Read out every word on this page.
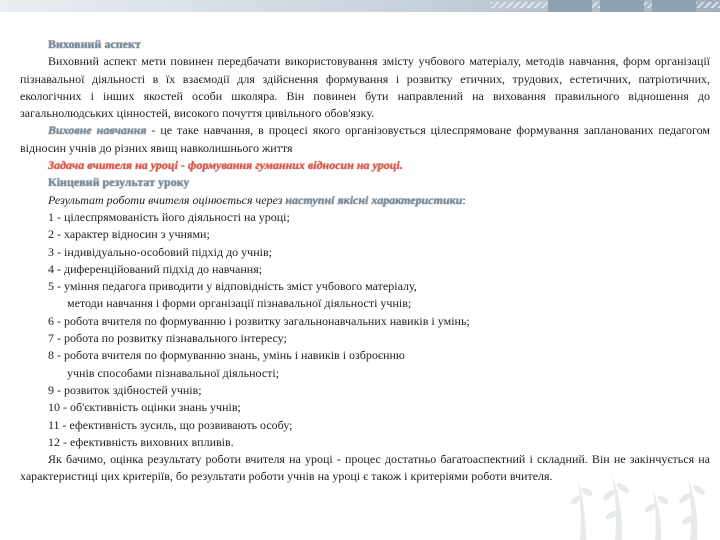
Виховний аспект

Виховний аспект мети повинен передбачати використовування змісту учбового матеріалу, методів навчання, форм організації пізнавальної діяльності в їх взаємодії для здійснення формування і розвитку етичних, трудових, естетичних, патріотичних, екологічних і інших якостей особи школяра. Він повинен бути направлений на виховання правильного відношення до загальнолюдських цінностей, високого почуття цивільного обов'язку.

Виховне навчання - це таке навчання, в процесі якого організовується цілеспрямоване формування запланованих педагогом відносин учнів до різних явищ навколишнього життя

Задача вчителя на уроці - формування гуманних відносин на уроці.

Кінцевий результат уроку

Результат роботи вчителя оцінюється через наступні якісні характеристики:

1 - цілеспрямованість його діяльності на уроці;

2 - характер відносин з учнями;

3 - індивідуально-особовий підхід до учнів;

4 - диференційований підхід до навчання;

5 - уміння педагога приводити у відповідність зміст учбового матеріалу,

методи навчання і форми організації пізнавальної діяльності учнів;

6 - робота вчителя по формуванню і розвитку загальнонавчальних навиків і умінь;

7 - робота по розвитку пізнавального інтересу;

8 - робота вчителя по формуванню знань, умінь і навиків і озброєнню

учнів способами пізнавальної діяльності;

9 - розвиток здібностей учнів;

10 - об'єктивність оцінки знань учнів;

11 - ефективність зусиль, що розвивають особу;

12 - ефективність виховних впливів.

Як бачимо, оцінка результату роботи вчителя на уроці - процес достатньо багатоаспектний і складний. Він не закінчується на характеристиці цих критеріїв, бо результати роботи учнів на уроці є також і критеріями роботи вчителя.
